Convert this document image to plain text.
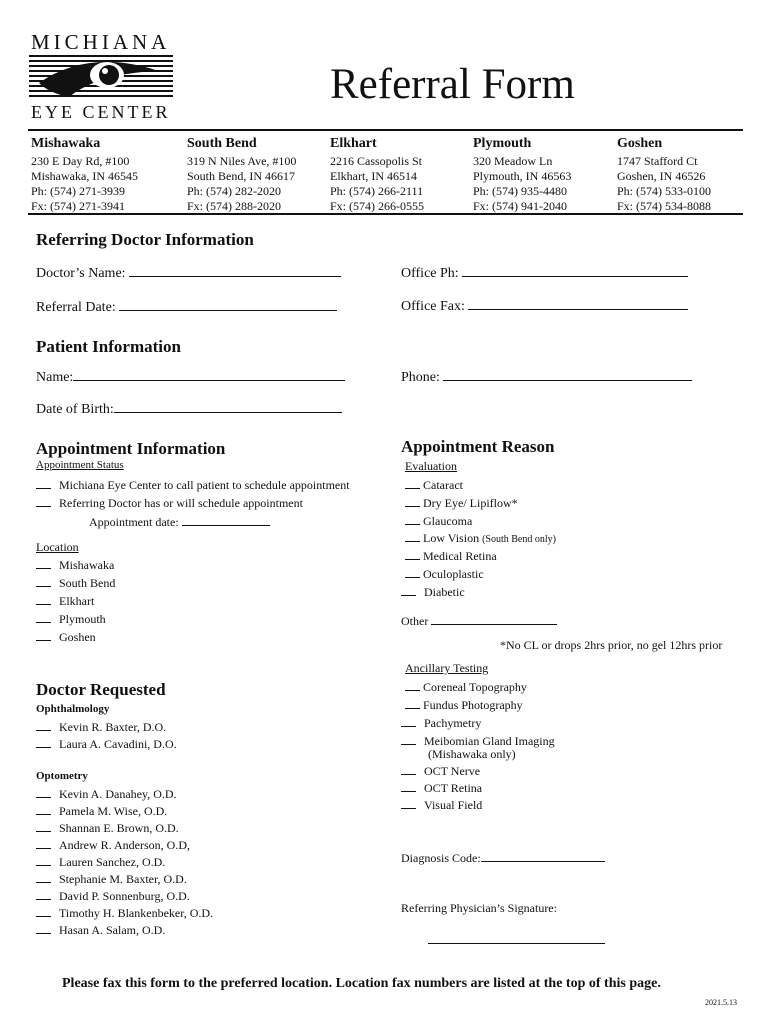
MICHIANA
EYE CENTER
Referral Form
Mishawaka
230 E Day Rd, #100
Mishawaka, IN 46545
Ph: (574) 271-3939
Fx: (574) 271-3941
South Bend
319 N Niles Ave, #100
South Bend, IN 46617
Ph: (574) 282-2020
Fx: (574) 288-2020
Elkhart
2216 Cassopolis St
Elkhart, IN 46514
Ph: (574) 266-2111
Fx: (574) 266-0555
Plymouth
320 Meadow Ln
Plymouth, IN 46563
Ph: (574) 935-4480
Fx: (574) 941-2040
Goshen
1747 Stafford Ct
Goshen, IN 46526
Ph: (574) 533-0100
Fx: (574) 534-8088
Referring Doctor Information
Doctor’s Name:	Office Ph:
Referral Date:	Office Fax:
Patient Information
Name:	Phone:
Date of Birth:
Appointment Information
Appointment Status
Michiana Eye Center to call patient to schedule appointment
Referring Doctor has or will schedule appointment
Appointment date:
Location
Mishawaka
South Bend
Elkhart
Plymouth
Goshen
Appointment Reason
Evaluation
Cataract
Dry Eye/ Lipiflow*
Glaucoma
Low Vision (South Bend only)
Medical Retina
Oculoplastic
Diabetic
Other
*No CL or drops 2hrs prior, no gel 12hrs prior
Ancillary Testing
Coreneal Topography
Fundus Photography
Pachymetry
Meibomian Gland Imaging
(Mishawaka only)
OCT Nerve
OCT Retina
Visual Field
Doctor Requested
Ophthalmology
Kevin R. Baxter, D.O.
Laura A. Cavadini, D.O.
Optometry
Kevin A. Danahey, O.D.
Pamela M. Wise, O.D.
Shannan E. Brown, O.D.
Andrew R. Anderson, O.D,
Lauren Sanchez, O.D.
Stephanie M. Baxter, O.D.
David P. Sonnenburg, O.D.
Timothy H. Blankenbeker, O.D.
Hasan A. Salam, O.D.
Diagnosis Code:
Referring Physician’s Signature:
Please fax this form to the preferred location. Location fax numbers are listed at the top of this page.
2021.5.13
